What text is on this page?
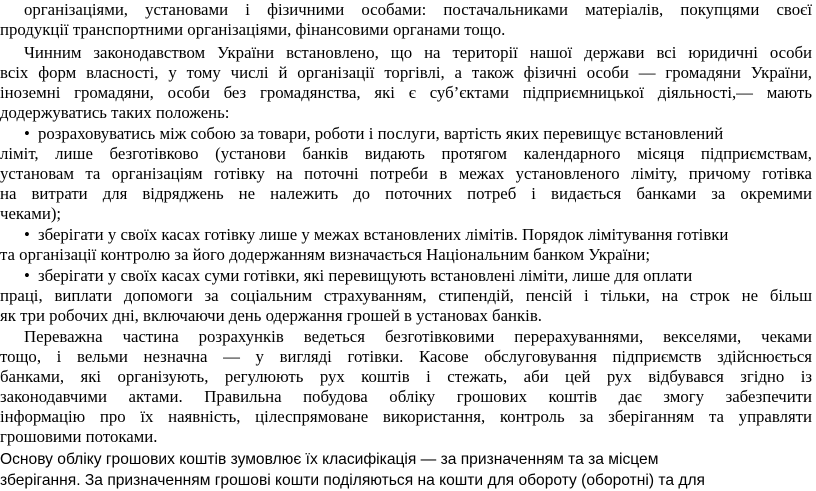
організаціями, установами і фізичними особами: постачальниками матеріалів, покупцями своєї
продукції транспортними організаціями, фінансовими органами тощо.
Чинним законодавством України встановлено, що на території нашої держави всі юридичні особи
всіх форм власності, у тому числі й організації торгівлі, а також фізичні особи — громадяни України,
іноземні громадяни, особи без громадянства, які є суб’єктами підприємницької діяльності,— мають
додержуватись таких положень:
• розраховуватись між собою за товари, роботи і послуги, вартість яких перевищує встановлений
ліміт, лише безготівково (установи банків видають протягом календарного місяця підприємствам,
установам та організаціям готівку на поточні потреби в межах установленого ліміту, причому готівка
на витрати для відряджень не належить до поточних потреб і видається банками за окремими
чеками);
• зберігати у своїх касах готівку лише у межах встановлених лімітів. Порядок лімітування готівки
та організації контролю за його додержанням визначається Національним банком України;
• зберігати у своїх касах суми готівки, які перевищують встановлені ліміти, лише для оплати
праці, виплати допомоги за соціальним страхуванням, стипендій, пенсій і тільки, на строк не більш
як три робочих дні, включаючи день одержання грошей в установах банків.
Переважна частина розрахунків ведеться безготівковими перерахуваннями, векселями, чеками
тощо, і вельми незначна — у вигляді готівки. Касове обслуговування підприємств здійснюється
банками, які організують, регулюють рух коштів і стежать, аби цей рух відбувався згідно із
законодавчими актами. Правильна побудова обліку грошових коштів дає змогу забезпечити
інформацію про їх наявність, цілеспрямоване використання, контроль за зберіганням та управляти
грошовими потоками.
Основу обліку грошових коштів зумовлює їх класифікація — за призначенням та за місцем
зберігання. За призначенням грошові кошти поділяються на кошти для обороту (оборотні) та для
